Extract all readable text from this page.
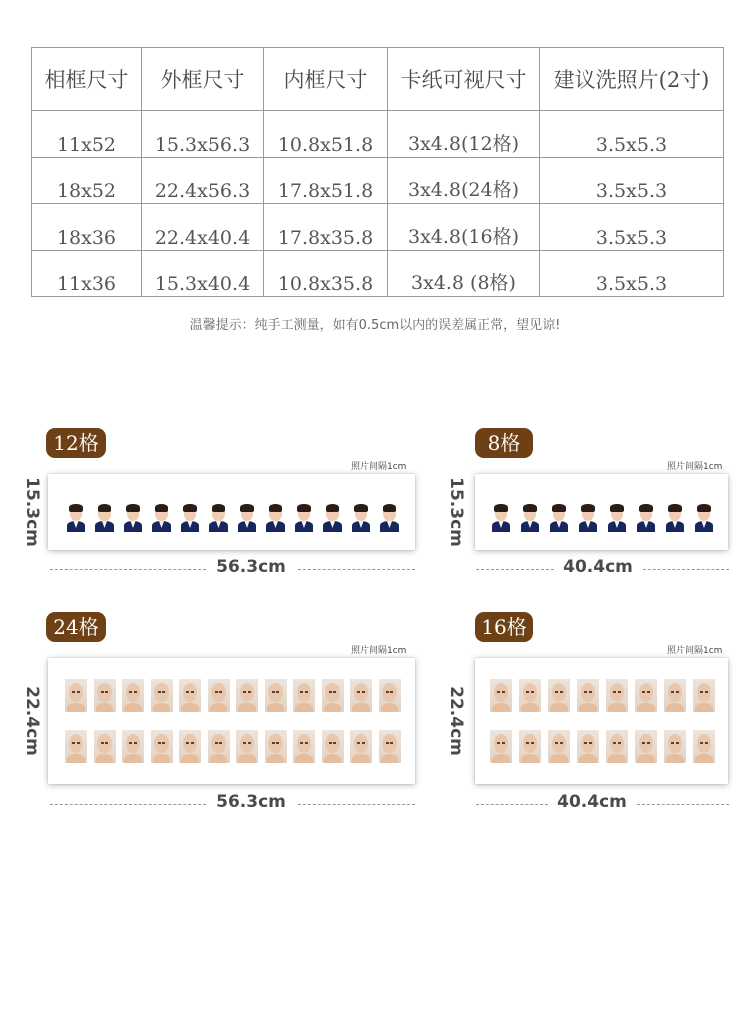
相框尺寸	外框尺寸	内框尺寸	卡纸可视尺寸	建议洗照片(2寸)
11x52	15.3x56.3	10.8x51.8	3x4.8(12格)	3.5x5.3
18x52	22.4x56.3	17.8x51.8	3x4.8(24格)	3.5x5.3
18x36	22.4x40.4	17.8x35.8	3x4.8(16格)	3.5x5.3
11x36	15.3x40.4	10.8x35.8	3x4.8 (8格)	3.5x5.3
温馨提示：纯手工测量，如有0.5cm以内的误差属正常，望见谅!
12格
照片间隔1cm
15.3cm
56.3cm
8格
照片间隔1cm
15.3cm
40.4cm
24格
照片间隔1cm
22.4cm
56.3cm
16格
照片间隔1cm
22.4cm
40.4cm
